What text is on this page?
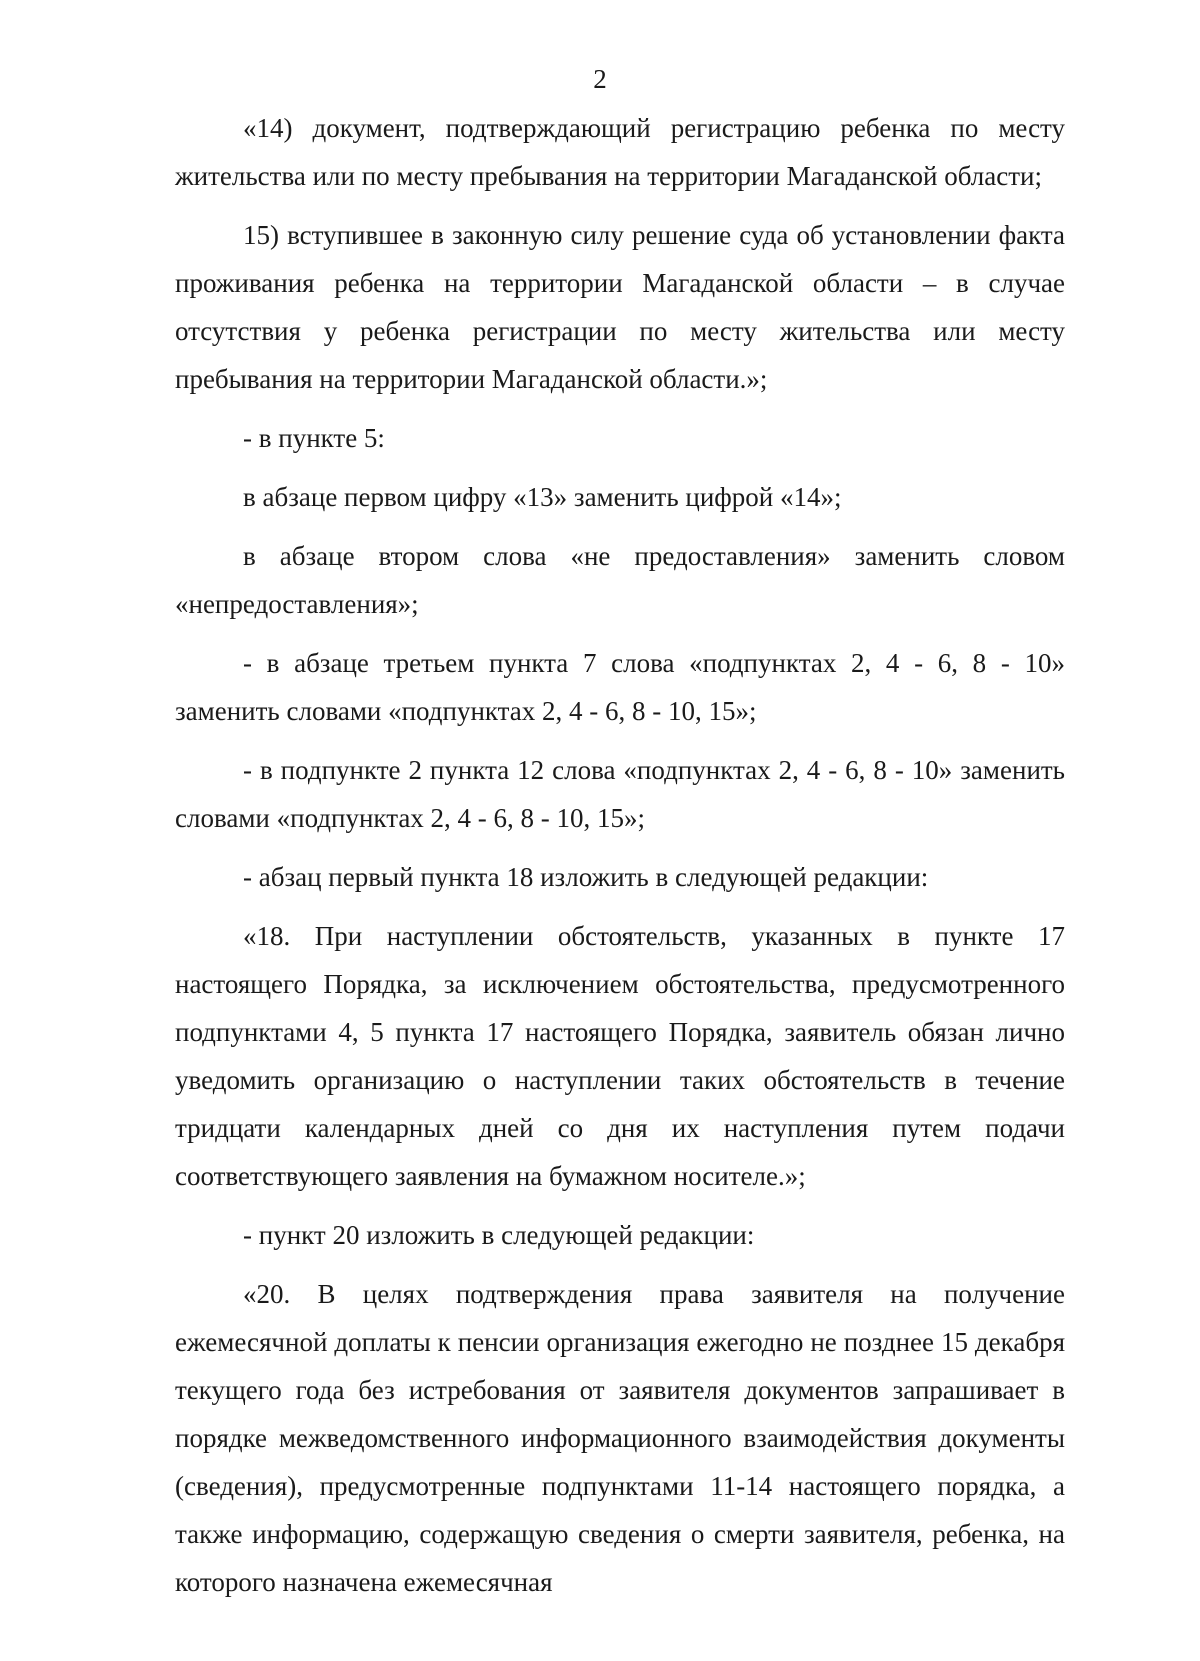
2

«14) документ, подтверждающий регистрацию ребенка по месту жительства или по месту пребывания на территории Магаданской области;

15) вступившее в законную силу решение суда об установлении факта проживания ребенка на территории Магаданской области – в случае отсутствия у ребенка регистрации по месту жительства или месту пребывания на территории Магаданской области.»;

- в пункте 5:

в абзаце первом цифру «13» заменить цифрой «14»;

в абзаце втором слова «не предоставления» заменить словом «непредоставления»;

- в абзаце третьем пункта 7 слова «подпунктах 2, 4 - 6, 8 - 10» заменить словами «подпунктах 2, 4 - 6, 8 - 10, 15»;

- в подпункте 2 пункта 12 слова «подпунктах 2, 4 - 6, 8 - 10» заменить словами «подпунктах 2, 4 - 6, 8 - 10, 15»;

- абзац первый пункта 18 изложить в следующей редакции:

«18. При наступлении обстоятельств, указанных в пункте 17 настоящего Порядка, за исключением обстоятельства, предусмотренного подпунктами 4, 5 пункта 17 настоящего Порядка, заявитель обязан лично уведомить организацию о наступлении таких обстоятельств в течение тридцати календарных дней со дня их наступления путем подачи соответствующего заявления на бумажном носителе.»;

- пункт 20 изложить в следующей редакции:

«20. В целях подтверждения права заявителя на получение ежемесячной доплаты к пенсии организация ежегодно не позднее 15 декабря текущего года без истребования от заявителя документов запрашивает в порядке межведомственного информационного взаимодействия документы (сведения), предусмотренные подпунктами 11-14 настоящего порядка, а также информацию, содержащую сведения о смерти заявителя, ребенка, на которого назначена ежемесячная
